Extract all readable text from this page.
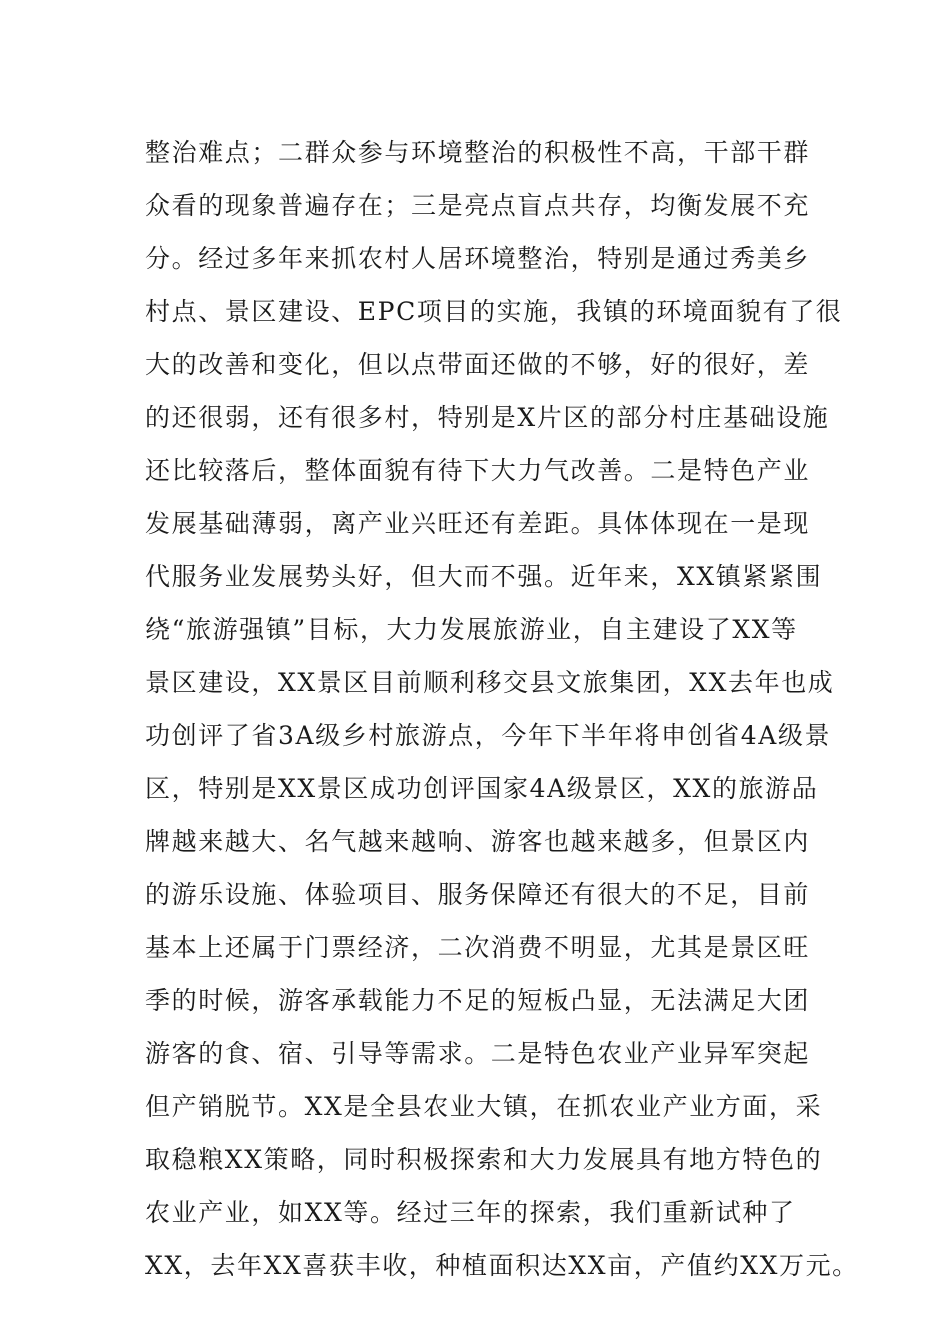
整治难点；二群众参与环境整治的积极性不高，干部干群
众看的现象普遍存在；三是亮点盲点共存，均衡发展不充
分。经过多年来抓农村人居环境整治，特别是通过秀美乡
村点、景区建设、EPC项目的实施，我镇的环境面貌有了很
大的改善和变化，但以点带面还做的不够，好的很好，差
的还很弱，还有很多村，特别是X片区的部分村庄基础设施
还比较落后，整体面貌有待下大力气改善。二是特色产业
发展基础薄弱，离产业兴旺还有差距。具体体现在一是现
代服务业发展势头好，但大而不强。近年来，XX镇紧紧围
绕“旅游强镇”目标，大力发展旅游业，自主建设了XX等
景区建设，XX景区目前顺利移交县文旅集团，XX去年也成
功创评了省3A级乡村旅游点，今年下半年将申创省4A级景
区，特别是XX景区成功创评国家4A级景区，XX的旅游品
牌越来越大、名气越来越响、游客也越来越多，但景区内
的游乐设施、体验项目、服务保障还有很大的不足，目前
基本上还属于门票经济，二次消费不明显，尤其是景区旺
季的时候，游客承载能力不足的短板凸显，无法满足大团
游客的食、宿、引导等需求。二是特色农业产业异军突起
但产销脱节。XX是全县农业大镇，在抓农业产业方面，采
取稳粮XX策略，同时积极探索和大力发展具有地方特色的
农业产业，如XX等。经过三年的探索，我们重新试种了
XX，去年XX喜获丰收，种植面积达XX亩，产值约XX万元。
